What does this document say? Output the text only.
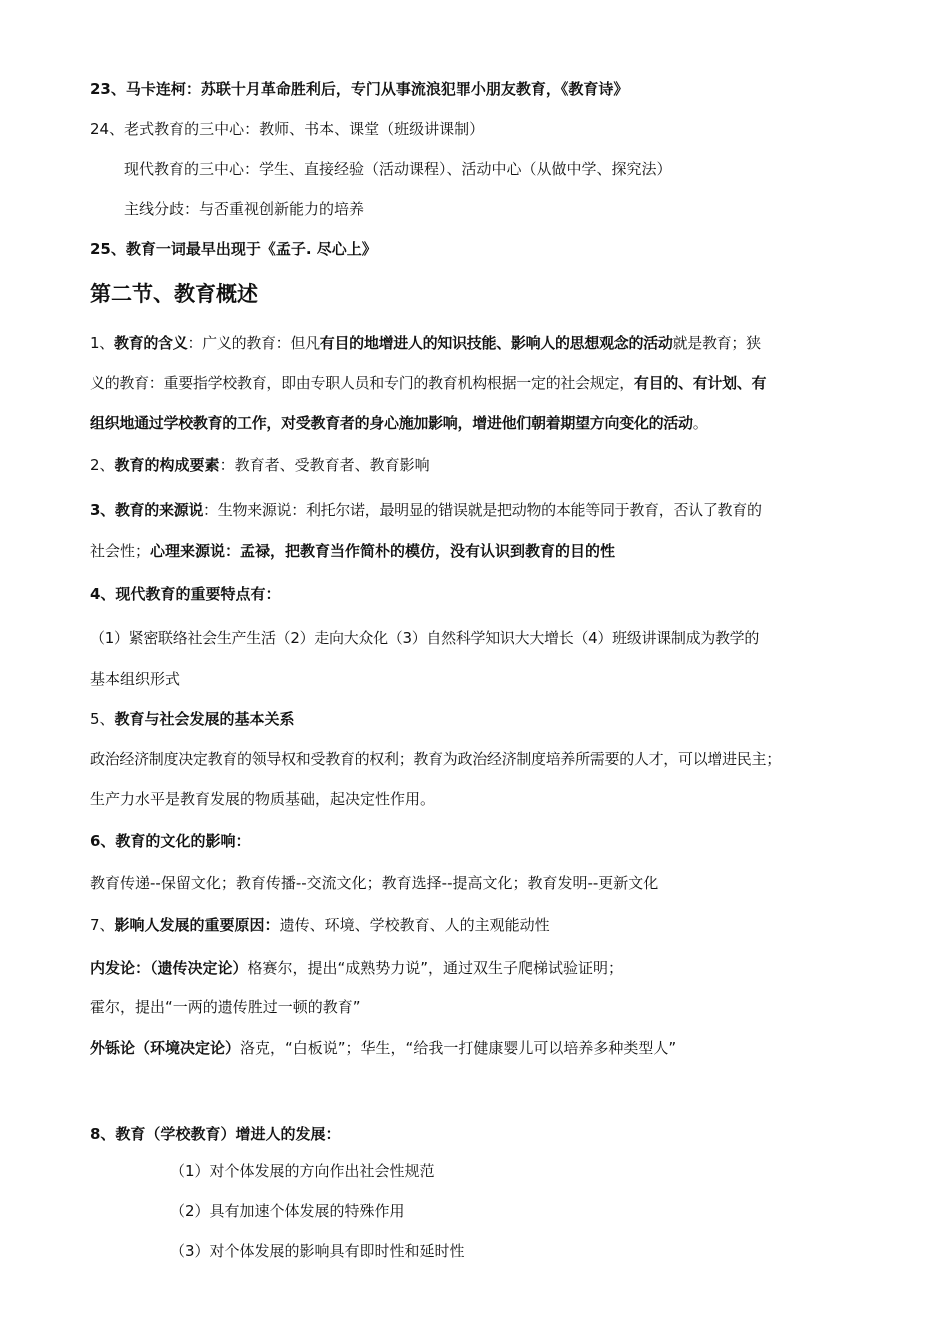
23、马卡连柯：苏联十月革命胜利后，专门从事流浪犯罪小朋友教育，《教育诗》
24、老式教育的三中心：教师、书本、课堂（班级讲课制）
现代教育的三中心：学生、直接经验（活动课程）、活动中心（从做中学、探究法）
主线分歧：与否重视创新能力的培养
25、教育一词最早出现于《孟子. 尽心上》
第二节、教育概述
1、教育的含义：广义的教育：但凡有目的地增进人的知识技能、影响人的思想观念的活动就是教育；狭
义的教育：重要指学校教育，即由专职人员和专门的教育机构根据一定的社会规定，有目的、有计划、有
组织地通过学校教育的工作，对受教育者的身心施加影响，增进他们朝着期望方向变化的活动。
2、教育的构成要素：教育者、受教育者、教育影响
3、教育的来源说：生物来源说：利托尔诺，最明显的错误就是把动物的本能等同于教育，否认了教育的
社会性；心理来源说：孟禄，把教育当作简朴的模仿，没有认识到教育的目的性
4、现代教育的重要特点有：
（1）紧密联络社会生产生活（2）走向大众化（3）自然科学知识大大增长（4）班级讲课制成为教学的
基本组织形式
5、教育与社会发展的基本关系
政治经济制度决定教育的领导权和受教育的权利；教育为政治经济制度培养所需要的人才，可以增进民主；
生产力水平是教育发展的物质基础，起决定性作用。
6、教育的文化的影响：
教育传递--保留文化；教育传播--交流文化；教育选择--提高文化；教育发明--更新文化
7、影响人发展的重要原因：遗传、环境、学校教育、人的主观能动性
内发论：（遗传决定论）格赛尔，提出“成熟势力说”，通过双生子爬梯试验证明；
霍尔，提出“一两的遗传胜过一顿的教育”
外铄论（环境决定论）洛克，“白板说”；华生，“给我一打健康婴儿可以培养多种类型人”
8、教育（学校教育）增进人的发展：
（1）对个体发展的方向作出社会性规范
（2）具有加速个体发展的特殊作用
（3）对个体发展的影响具有即时性和延时性
